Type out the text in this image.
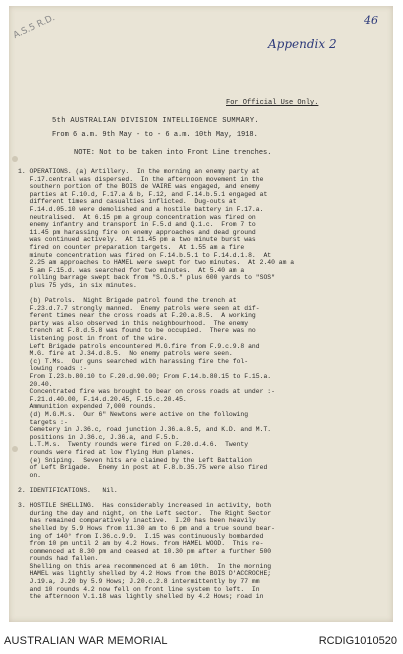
A.S.5 R.D.	46
Appendix 2
For Official Use Only.
5th AUSTRALIAN DIVISION INTELLIGENCE SUMMARY.
From 6 a.m. 9th May - to - 6 a.m. 10th May, 1918.
NOTE: Not to be taken into Front Line trenches.
1. OPERATIONS. (a) Artillery.  In the morning an enemy party at
F.17.central was dispersed.  In the afternoon movement in the
southern portion of the BOIS de VAIRE was engaged, and enemy
parties at F.10.d, F.17.a & b, F.12, and F.14.b.5.1 engaged at
different times and casualties inflicted.  Dug-outs at
F.14.d.05.10 were demolished and a hostile battery in F.17.a.
neutralised.  At 6.15 pm a group concentration was fired on
enemy infantry and transport in F.5.d and Q.1.c.  From 7 to
11.45 pm harassing fire on enemy approaches and dead ground
was continued actively.  At 11.45 pm a two minute burst was
fired on counter preparation targets.  At 1.55 am a fire
minute concentration was fired on F.14.b.5.1 to F.14.d.1.8.  At
2.25 am approaches to HAMEL were swept for two minutes.  At 2.40 am a
5 am F.15.d. was searched for two minutes.  At 5.40 am a
rolling barrage swept back from "S.O.S." plus 600 yards to "SOS"
plus 75 yds, in six minutes.

(b) Patrols.  Night Brigade patrol found the trench at
F.23.d.7.7 strongly manned.  Enemy patrols were seen at dif-
ferent times near the cross roads at F.20.a.8.5.  A working
party was also observed in this neighbourhood.  The enemy
trench at F.8.d.5.8 was found to be occupied.  There was no
listening post in front of the wire.
Left Brigade patrols encountered M.G.fire from F.9.c.9.8 and
M.G. fire at J.34.d.8.5.  No enemy patrols were seen.
(c) T.Ms.  Our guns searched with harassing fire the fol-
lowing roads :-
From I.23.b.80.10 to F.20.d.90.00; From F.14.b.80.15 to F.15.a.
20.40.
Concentrated fire was brought to bear on cross roads at under :-
F.21.d.40.00, F.14.d.20.45, F.15.c.20.45.
Ammunition expended 7,000 rounds.
(d) M.G.M.s.  Our 6" Newtons were active on the following
targets :-
Cemetery in J.36.c, road junction J.36.a.8.5, and K.D. and M.T.
positions in J.36.c, J.36.a, and F.5.b.
L.T.M.s.  Twenty rounds were fired on F.20.d.4.6.  Twenty
rounds were fired at low flying Hun planes.
(e) Sniping.  Seven hits are claimed by the Left Battalion
of Left Brigade.  Enemy in post at F.8.b.35.75 were also fired
on.

2. IDENTIFICATIONS.   Nil.

3. HOSTILE SHELLING.  Has considerably increased in activity, both
during the day and night, on the Left sector.  The Right Sector
has remained comparatively inactive.  I.20 has been heavily
shelled by 5.9 Hows from 11.30 am to 6 pm and a true sound bear-
ing of 140° from I.36.c.9.9.  I.15 was continuously bombarded
from 10 pm until 2 am by 4.2 Hows. from HAMEL WOOD.  This re-
commenced at 8.30 pm and ceased at 10.30 pm after a further 500
rounds had fallen.
Shelling on this area recommenced at 6 am 10th.  In the morning
HAMEL was lightly shelled by 4.2 Hows from the BOIS D'ACCROCHE;
J.19.a, J.20 by 5.9 Hows; J.20.c.2.8 intermittently by 77 mm
and 10 rounds 4.2 now fell on front line system to left.  In
the afternoon V.1.18 was lightly shelled by 4.2 Hows; road in
AUSTRALIAN WAR MEMORIAL	RCDIG1010520
